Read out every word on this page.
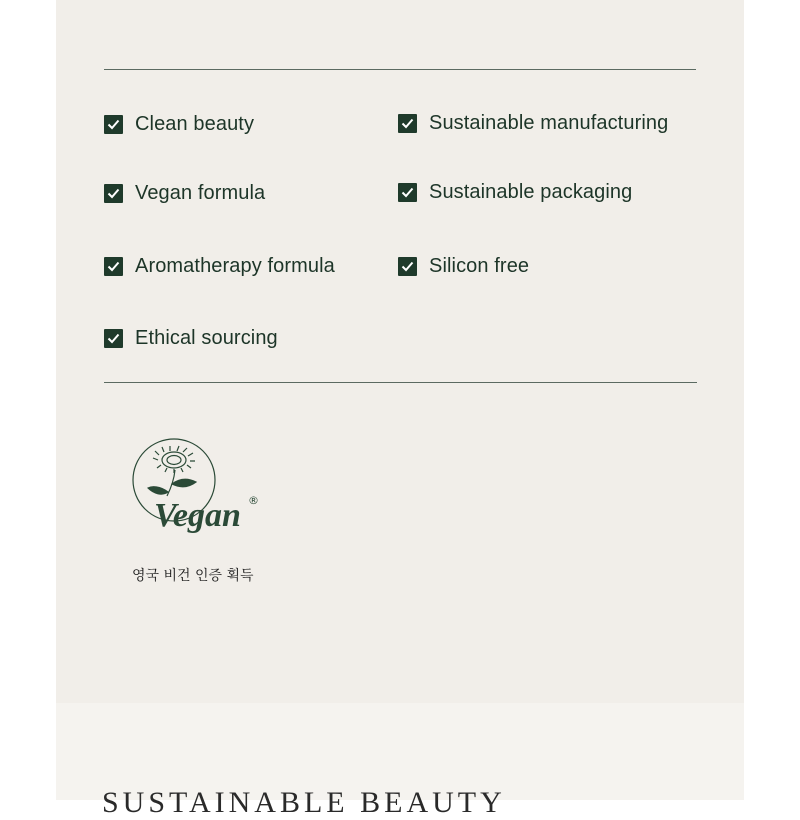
Clean beauty
Vegan formula
Aromatherapy formula
Ethical sourcing
Sustainable manufacturing
Sustainable packaging
Silicon free
Vegan ®
영국 비건 인증 획득
SUSTAINABLE BEAUTY
